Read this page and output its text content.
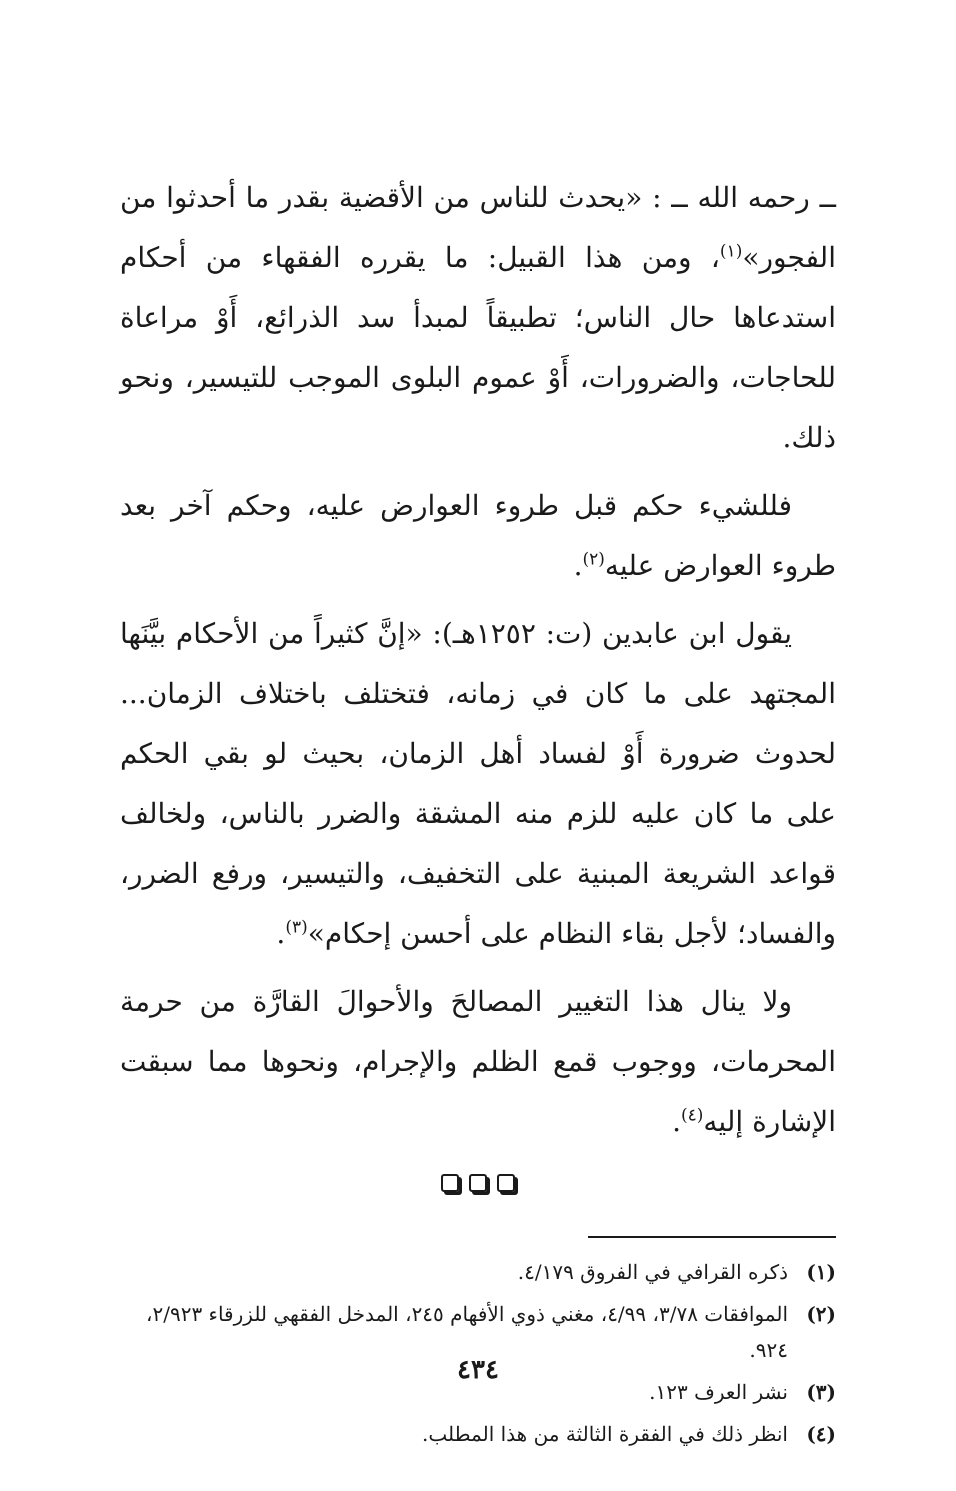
ــ رحمه الله ــ : «يحدث للناس من الأقضية بقدر ما أحدثوا من الفجور»$^{(١)}$، ومن هذا القبيل: ما يقرره الفقهاء من أحكام استدعاها حال الناس؛ تطبيقاً لمبدأ سد الذرائع، أَوْ مراعاة للحاجات، والضرورات، أَوْ عموم البلوى الموجب للتيسير، ونحو ذلك.

فللشيء حكم قبل طروء العوارض عليه، وحكم آخر بعد طروء العوارض عليه$^{(٢)}$.

يقول ابن عابدين (ت: ١٢٥٢هـ): «إنَّ كثيراً من الأحكام بيَّنَها المجتهد على ما كان في زمانه، فتختلف باختلاف الزمان... لحدوث ضرورة أَوْ لفساد أهل الزمان، بحيث لو بقي الحكم على ما كان عليه للزم منه المشقة والضرر بالناس، ولخالف قواعد الشريعة المبنية على التخفيف، والتيسير، ورفع الضرر، والفساد؛ لأجل بقاء النظام على أحسن إحكام»$^{(٣)}$.

ولا ينال هذا التغيير المصالحَ والأحوالَ القارَّة من حرمة المحرمات، ووجوب قمع الظلم والإجرام، ونحوها مما سبقت الإشارة إليه$^{(٤)}$.

(١)
ذكره القرافي في الفروق ٤/١٧٩.
(٢)
الموافقات ٣/٧٨، ٤/٩٩، مغني ذوي الأفهام ٢٤٥، المدخل الفقهي للزرقاء ٢/٩٢٣، ٩٢٤.
(٣)
نشر العرف ١٢٣.
(٤)
انظر ذلك في الفقرة الثالثة من هذا المطلب.
٤٣٤
